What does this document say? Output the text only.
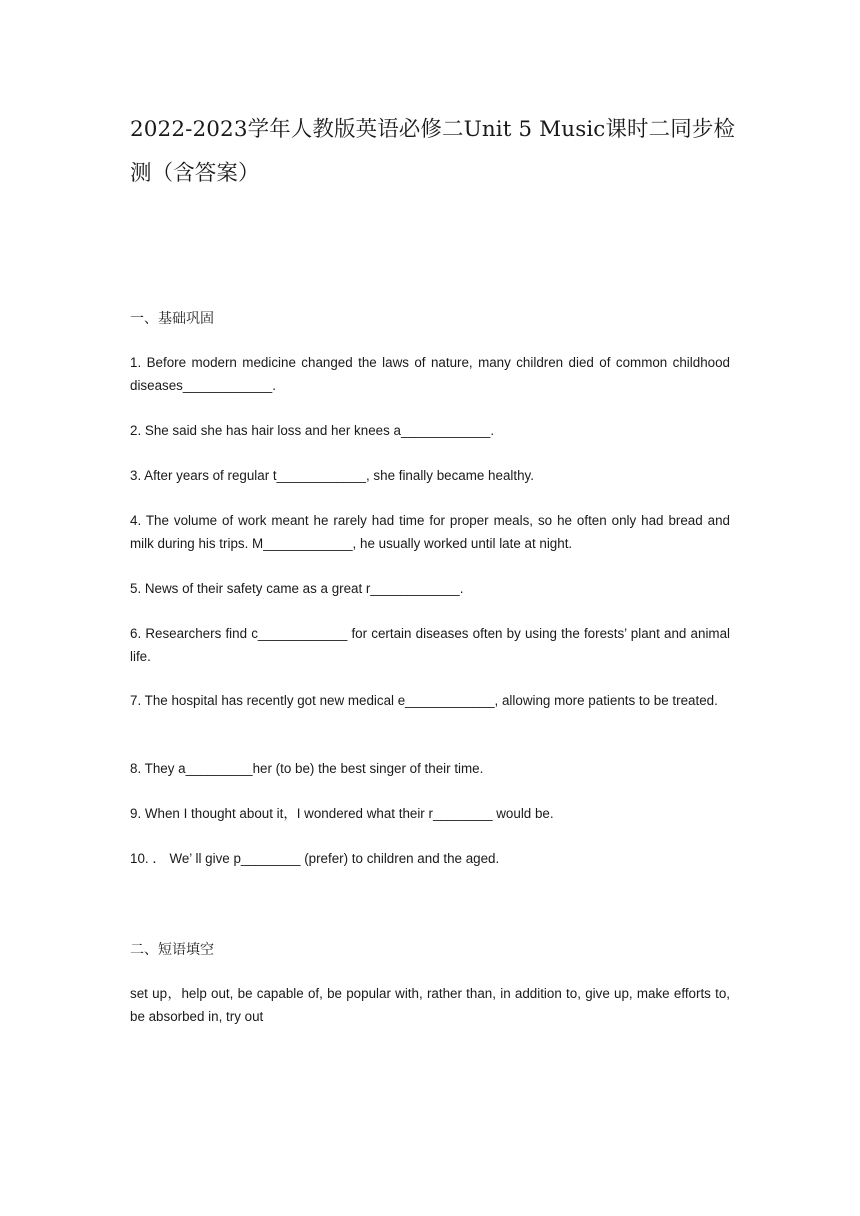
2022-2023学年人教版英语必修二Unit 5 Music课时二同步检测（含答案）
一、基础巩固

1. Before modern medicine changed the laws of nature, many children died of common childhood diseases____________.

2. She said she has hair loss and her knees a____________.

3. After years of regular t____________, she finally became healthy.

4. The volume of work meant he rarely had time for proper meals, so he often only had bread and milk during his trips. M____________, he usually worked until late at night.

5. News of their safety came as a great r____________.

6. Researchers find c____________ for certain diseases often by using the forests’ plant and animal life.

7. The hospital has recently got new medical e____________, allowing more patients to be treated.

8. They a_________her (to be) the best singer of their time.

9. When I thought about it，I wondered what their r________ would be.

10. ． We’ ll give p________ (prefer) to children and the aged.

二、短语填空

set up，help out, be capable of, be popular with, rather than, in addition to, give up, make efforts to, be absorbed in, try out
